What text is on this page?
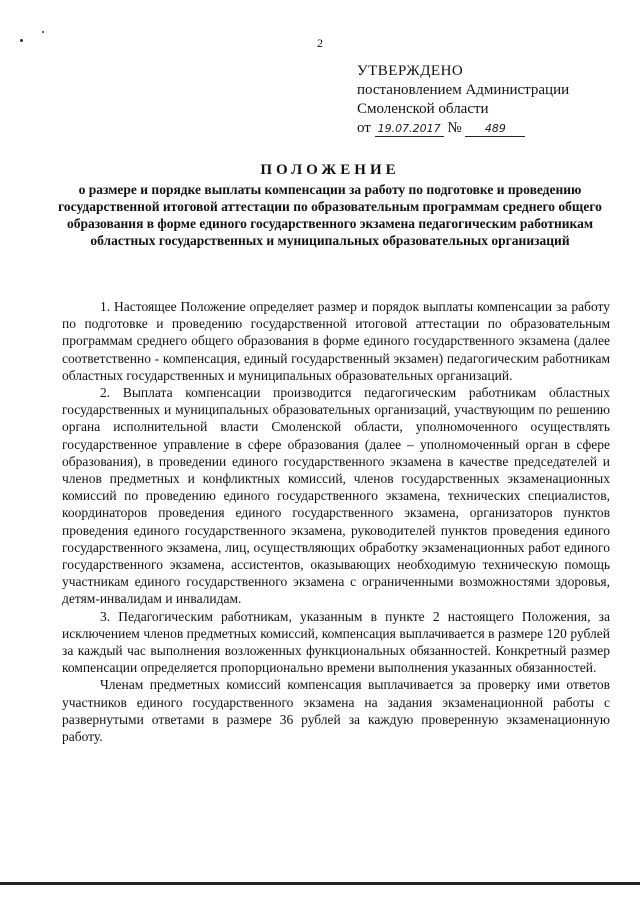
2
УТВЕРЖДЕНО
постановлением Администрации
Смоленской области
от 19.07.2017 № 489
ПОЛОЖЕНИЕ
о размере и порядке выплаты компенсации за работу по подготовке и проведению государственной итоговой аттестации по образовательным программам среднего общего образования в форме единого государственного экзамена педагогическим работникам областных государственных и муниципальных образовательных организаций

1. Настоящее Положение определяет размер и порядок выплаты компенсации за работу по подготовке и проведению государственной итоговой аттестации по образовательным программам среднего общего образования в форме единого государственного экзамена (далее соответственно - компенсация, единый государственный экзамен) педагогическим работникам областных государственных и муниципальных образовательных организаций.

2. Выплата компенсации производится педагогическим работникам областных государственных и муниципальных образовательных организаций, участвующим по решению органа исполнительной власти Смоленской области, уполномоченного осуществлять государственное управление в сфере образования (далее – уполномоченный орган в сфере образования), в проведении единого государственного экзамена в качестве председателей и членов предметных и конфликтных комиссий, членов государственных экзаменационных комиссий по проведению единого государственного экзамена, технических специалистов, координаторов проведения единого государственного экзамена, организаторов пунктов проведения единого государственного экзамена, руководителей пунктов проведения единого государственного экзамена, лиц, осуществляющих обработку экзаменационных работ единого государственного экзамена, ассистентов, оказывающих необходимую техническую помощь участникам единого государственного экзамена с ограниченными возможностями здоровья, детям-инвалидам и инвалидам.

3. Педагогическим работникам, указанным в пункте 2 настоящего Положения, за исключением членов предметных комиссий, компенсация выплачивается в размере 120 рублей за каждый час выполнения возложенных функциональных обязанностей. Конкретный размер компенсации определяется пропорционально времени выполнения указанных обязанностей.

Членам предметных комиссий компенсация выплачивается за проверку ими ответов участников единого государственного экзамена на задания экзаменационной работы с развернутыми ответами в размере 36 рублей за каждую проверенную экзаменационную работу.
